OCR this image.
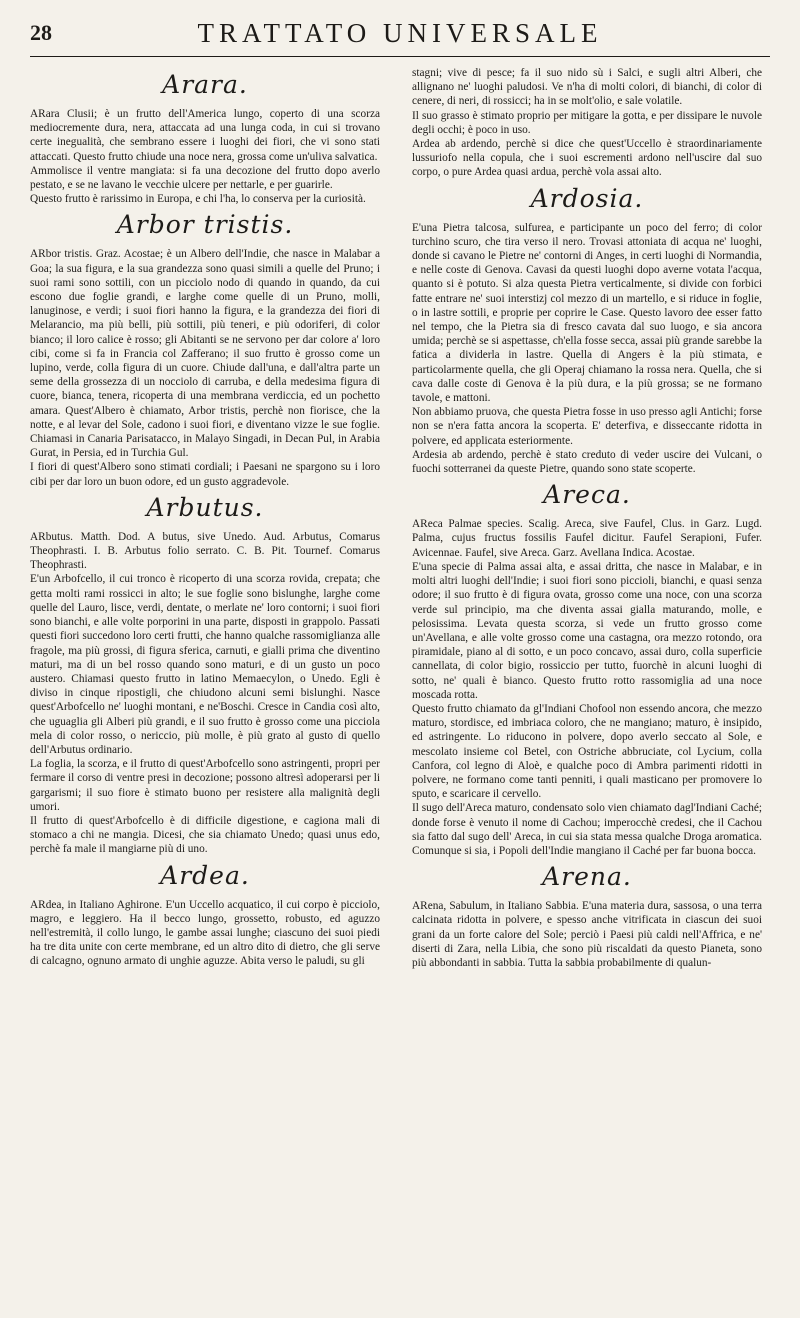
28	TRATTATO UNIVERSALE
Arara.

ARara Clusii; è un frutto dell'America lungo, coperto di una scorza mediocremente dura, nera, attaccata ad una lunga coda, in cui si trovano certe inegualità, che sembrano essere i luoghi dei fiori, che vi sono stati attaccati. Questo frutto chiude una noce nera, grossa come un'uliva salvatica.

Ammolisce il ventre mangiata: si fa una decozione del frutto dopo averlo pestato, e se ne lavano le vecchie ulcere per nettarle, e per guarirle.

Questo frutto è rarissimo in Europa, e chi l'ha, lo conserva per la curiosità.

Arbor tristis.

ARbor tristis. Graz. Acostae; è un Albero dell'Indie, che nasce in Malabar a Goa; la sua figura, e la sua grandezza sono quasi simili a quelle del Pruno; i suoi rami sono sottili, con un picciolo nodo di quando in quando, da cui escono due foglie grandi, e larghe come quelle di un Pruno, molli, lanuginose, e verdi; i suoi fiori hanno la figura, e la grandezza dei fiori di Melarancio, ma più belli, più sottili, più teneri, e più odoriferi, di color bianco; il loro calice è rosso; gli Abitanti se ne servono per dar colore a' loro cibi, come si fa in Francia col Zafferano; il suo frutto è grosso come un lupino, verde, colla figura di un cuore. Chiude dall'una, e dall'altra parte un seme della grossezza di un nocciolo di carruba, e della medesima figura di cuore, bianca, tenera, ricoperta di una membrana verdiccia, ed un pochetto amara. Quest'Albero è chiamato, Arbor tristis, perchè non fiorisce, che la notte, e al levar del Sole, cadono i suoi fiori, e diventano vizze le sue foglie. Chiamasi in Canaria Parisatacco, in Malayo Singadi, in Decan Pul, in Arabia Gurat, in Persia, ed in Turchia Gul.

I fiori di quest'Albero sono stimati cordiali; i Paesani ne spargono su i loro cibi per dar loro un buon odore, ed un gusto aggradevole.

Arbutus.

ARbutus. Matth. Dod. A butus, sive Unedo. Aud. Arbutus, Comarus Theophrasti. I. B. Arbutus folio serrato. C. B. Pit. Tournef. Comarus Theophrasti.

E'un Arbofcello, il cui tronco è ricoperto di una scorza rovida, crepata; che getta molti rami rossicci in alto; le sue foglie sono bislunghe, larghe come quelle del Lauro, lisce, verdi, dentate, o merlate ne' loro contorni; i suoi fiori sono bianchi, e alle volte porporini in una parte, disposti in grappolo. Passati questi fiori succedono loro certi frutti, che hanno qualche rassomiglianza alle fragole, ma più grossi, di figura sferica, carnuti, e gialli prima che diventino maturi, ma di un bel rosso quando sono maturi, e di un gusto un poco austero. Chiamasi questo frutto in latino Memaecylon, o Unedo. Egli è diviso in cinque ripostigli, che chiudono alcuni semi bislunghi. Nasce quest'Arbofcello ne' luoghi montani, e ne'Boschi. Cresce in Candia così alto, che uguaglia gli Alberi più grandi, e il suo frutto è grosso come una picciola mela di color rosso, o nericcio, più molle, è più grato al gusto di quello dell'Arbutus ordinario.

La foglia, la scorza, e il frutto di quest'Arbofcello sono astringenti, propri per fermare il corso di ventre presi in decozione; possono altresì adoperarsi per li gargarismi; il suo fiore è stimato buono per resistere alla malignità degli umori.

Il frutto di quest'Arbofcello è di difficile digestione, e cagiona mali di stomaco a chi ne mangia. Dicesi, che sia chiamato Unedo; quasi unus edo, perchè fa male il mangiarne più di uno.

Ardea.

ARdea, in Italiano Aghirone. E'un Uccello acquatico, il cui corpo è picciolo, magro, e leggiero. Ha il becco lungo, grossetto, robusto, ed aguzzo nell'estremità, il collo lungo, le gambe assai lunghe; ciascuno dei suoi piedi ha tre dita unite con certe membrane, ed un altro dito di dietro, che gli serve di calcagno, ognuno armato di unghie aguzze. Abita verso le paludi, su gli

stagni; vive di pesce; fa il suo nido sù i Salci, e sugli altri Alberi, che allignano ne' luoghi paludosi. Ve n'ha di molti colori, di bianchi, di color di cenere, di neri, di rossicci; ha in se molt'olio, e sale volatile.

Il suo grasso è stimato proprio per mitigare la gotta, e per dissipare le nuvole degli occhi; è poco in uso.

Ardea ab ardendo, perchè si dice che quest'Uccello è straordinariamente lussuriofo nella copula, che i suoi escrementi ardono nell'uscire dal suo corpo, o pure Ardea quasi ardua, perchè vola assai alto.

Ardosia.

E'una Pietra talcosa, sulfurea, e participante un poco del ferro; di color turchino scuro, che tira verso il nero. Trovasi attoniata di acqua ne' luoghi, donde si cavano le Pietre ne' contorni di Anges, in certi luoghi di Normandia, e nelle coste di Genova. Cavasi da questi luoghi dopo averne votata l'acqua, quanto si è potuto. Si alza questa Pietra verticalmente, si divide con forbici fatte entrare ne' suoi interstizj col mezzo di un martello, e si riduce in foglie, o in lastre sottili, e proprie per coprire le Case. Questo lavoro dee esser fatto nel tempo, che la Pietra sia di fresco cavata dal suo luogo, e sia ancora umida; perchè se si aspettasse, ch'ella fosse secca, assai più grande sarebbe la fatica a dividerla in lastre. Quella di Angers è la più stimata, e particolarmente quella, che gli Operaj chiamano la rossa nera. Quella, che si cava dalle coste di Genova è la più dura, e la più grossa; se ne formano tavole, e mattoni.

Non abbiamo pruova, che questa Pietra fosse in uso presso agli Antichi; forse non se n'era fatta ancora la scoperta. E' deterfiva, e disseccante ridotta in polvere, ed applicata esteriormente.

Ardesia ab ardendo, perchè è stato creduto di veder uscire dei Vulcani, o fuochi sotterranei da queste Pietre, quando sono state scoperte.

Areca.

AReca Palmae species. Scalig. Areca, sive Faufel, Clus. in Garz. Lugd. Palma, cujus fructus fossilis Faufel dicitur. Faufel Serapioni, Fufer. Avicennae. Faufel, sive Areca. Garz. Avellana Indica. Acostae.

E'una specie di Palma assai alta, e assai dritta, che nasce in Malabar, e in molti altri luoghi dell'Indie; i suoi fiori sono piccioli, bianchi, e quasi senza odore; il suo frutto è di figura ovata, grosso come una noce, con una scorza verde sul principio, ma che diventa assai gialla maturando, molle, e pelosissima. Levata questa scorza, si vede un frutto grosso come un'Avellana, e alle volte grosso come una castagna, ora mezzo rotondo, ora piramidale, piano al di sotto, e un poco concavo, assai duro, colla superficie cannellata, di color bigio, rossiccio per tutto, fuorchè in alcuni luoghi di sotto, ne' quali è bianco. Questo frutto rotto rassomiglia ad una noce moscada rotta.

Questo frutto chiamato da gl'Indiani Chofool non essendo ancora, che mezzo maturo, stordisce, ed imbriaca coloro, che ne mangiano; maturo, è insipido, ed astringente. Lo riducono in polvere, dopo averlo seccato al Sole, e mescolato insieme col Betel, con Ostriche abbruciate, col Lycium, colla Canfora, col legno di Aloè, e qualche poco di Ambra parimenti ridotti in polvere, ne formano come tanti penniti, i quali masticano per promovere lo sputo, e scaricare il cervello.

Il sugo dell'Areca maturo, condensato solo vien chiamato dagl'Indiani Caché; donde forse è venuto il nome di Cachou; imperocchè credesi, che il Cachou sia fatto dal sugo dell' Areca, in cui sia stata messa qualche Droga aromatica. Comunque si sia, i Popoli dell'Indie mangiano il Caché per far buona bocca.

Arena.

ARena, Sabulum, in Italiano Sabbia. E'una materia dura, sassosa, o una terra calcinata ridotta in polvere, e spesso anche vitrificata in ciascun dei suoi grani da un forte calore del Sole; perciò i Paesi più caldi nell'Affrica, e ne' diserti di Zara, nella Libia, che sono più riscaldati da questo Pianeta, sono più abbondanti in sabbia. Tutta la sabbia probabilmente di qualun-
